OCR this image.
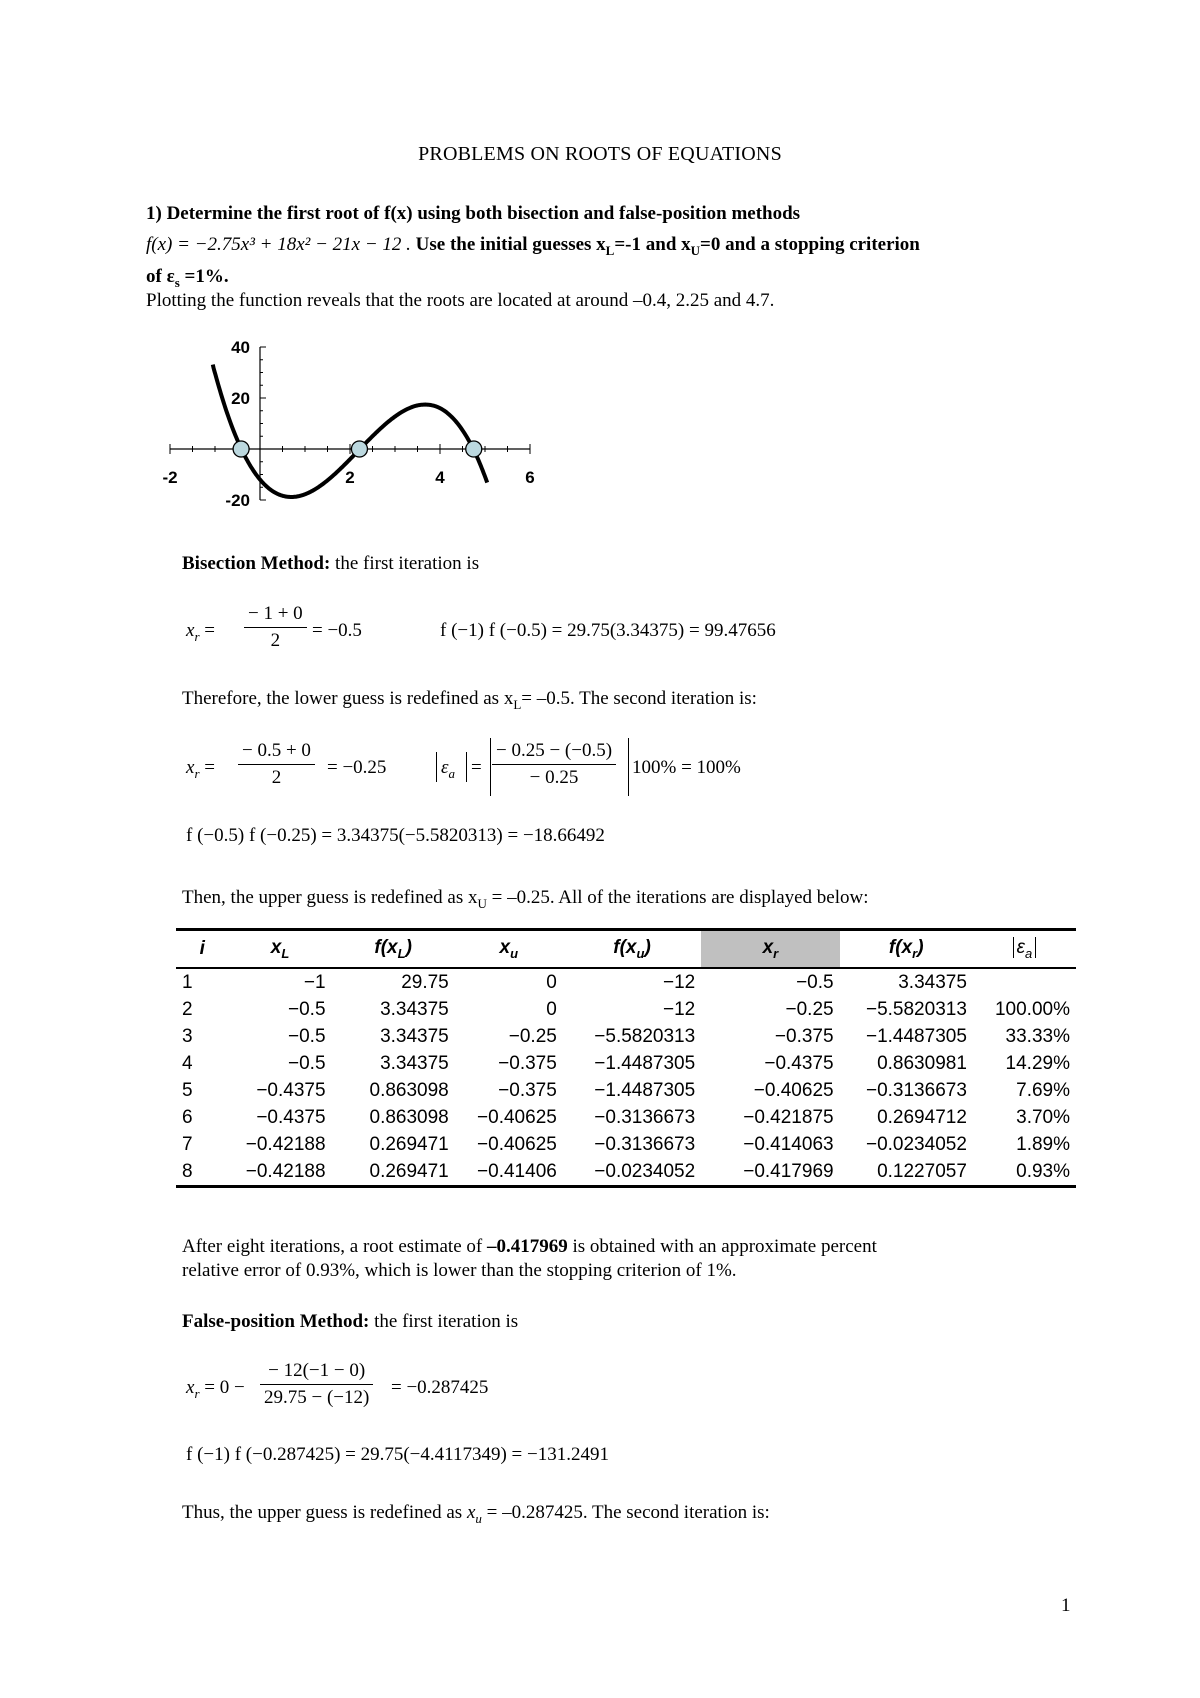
PROBLEMS ON ROOTS OF EQUATIONS
1) Determine the first root of f(x) using both bisection and false-position methods
f(x) = −2.75x³ + 18x² − 21x − 12 . Use the initial guesses $x_L=-1$ and $x_U=0$ and a stopping criterion
of $\varepsilon_s =1\%$.
Plotting the function reveals that the roots are located at around –0.4, 2.25 and 4.7.
-2	2	4	6
40
20
-20
Bisection Method: the first iteration is
$x_r$ =
− 1 + 0
2	= −0.5	f (−1) f (−0.5) = 29.75(3.34375) = 99.47656
Therefore, the lower guess is redefined as $x_L= -0.5$. The second iteration is:
$x_r$ =
− 0.5 + 0
2	= −0.25	$\varepsilon_a$ =
− 0.25 − (−0.5)
− 0.25	100% = 100%
f (−0.5) f (−0.25) = 3.34375(−5.5820313) = −18.66492
Then, the upper guess is redefined as $x_U = -0.25$. All of the iterations are displayed below:
i	$x_L$	$f(x_L)$	$x_u$	$f(x_u)$	$x_r$	$f(x_r)$	$\varepsilon_a$
1	−1	29.75	0	−12	−0.5	3.34375	
2	−0.5	3.34375	0	−12	−0.25	−5.5820313	100.00%
3	−0.5	3.34375	−0.25	−5.5820313	−0.375	−1.4487305	33.33%
4	−0.5	3.34375	−0.375	−1.4487305	−0.4375	0.8630981	14.29%
5	−0.4375	0.863098	−0.375	−1.4487305	−0.40625	−0.3136673	7.69%
6	−0.4375	0.863098	−0.40625	−0.3136673	−0.421875	0.2694712	3.70%
7	−0.42188	0.269471	−0.40625	−0.3136673	−0.414063	−0.0234052	1.89%
8	−0.42188	0.269471	−0.41406	−0.0234052	−0.417969	0.1227057	0.93%
After eight iterations, a root estimate of –0.417969 is obtained with an approximate percent
relative error of 0.93%, which is lower than the stopping criterion of 1%.
False-position Method: the first iteration is
$x_r = 0$ −
− 12(−1 − 0)
29.75 − (−12) = −0.287425
f (−1) f (−0.287425) = 29.75(−4.4117349) = −131.2491
Thus, the upper guess is redefined as $x_u = -0.287425$. The second iteration is:
1
